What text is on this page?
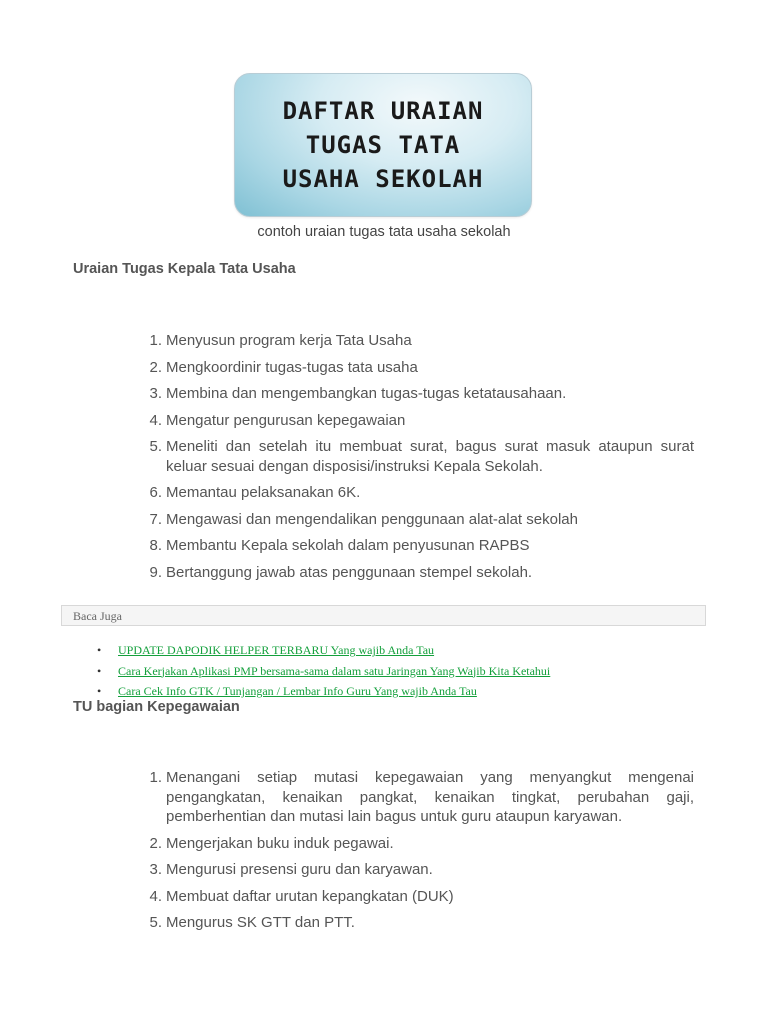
DAFTAR URAIAN
TUGAS TATA
USAHA SEKOLAH
contoh uraian tugas tata usaha sekolah
Uraian Tugas Kepala Tata Usaha
1. Menyusun program kerja Tata Usaha
2. Mengkoordinir tugas-tugas tata usaha
3. Membina dan mengembangkan tugas-tugas ketatausahaan.
4. Mengatur pengurusan kepegawaian
5. Meneliti dan setelah itu membuat surat, bagus surat masuk ataupun surat keluar sesuai dengan disposisi/instruksi Kepala Sekolah.
6. Memantau pelaksanakan 6K.
7. Mengawasi dan mengendalikan penggunaan alat-alat sekolah
8. Membantu Kepala sekolah dalam penyusunan RAPBS
9. Bertanggung jawab atas penggunaan stempel sekolah.
Baca Juga
• UPDATE DAPODIK HELPER TERBARU Yang wajib Anda Tau
• Cara Kerjakan Aplikasi PMP bersama-sama dalam satu Jaringan Yang Wajib Kita Ketahui
• Cara Cek Info GTK / Tunjangan / Lembar Info Guru Yang wajib Anda Tau
TU bagian Kepegawaian
1. Menangani setiap mutasi kepegawaian yang menyangkut mengenai pengangkatan, kenaikan pangkat, kenaikan tingkat, perubahan gaji, pemberhentian dan mutasi lain bagus untuk guru ataupun karyawan.
2. Mengerjakan buku induk pegawai.
3. Mengurusi presensi guru dan karyawan.
4. Membuat daftar urutan kepangkatan (DUK)
5. Mengurus SK GTT dan PTT.
